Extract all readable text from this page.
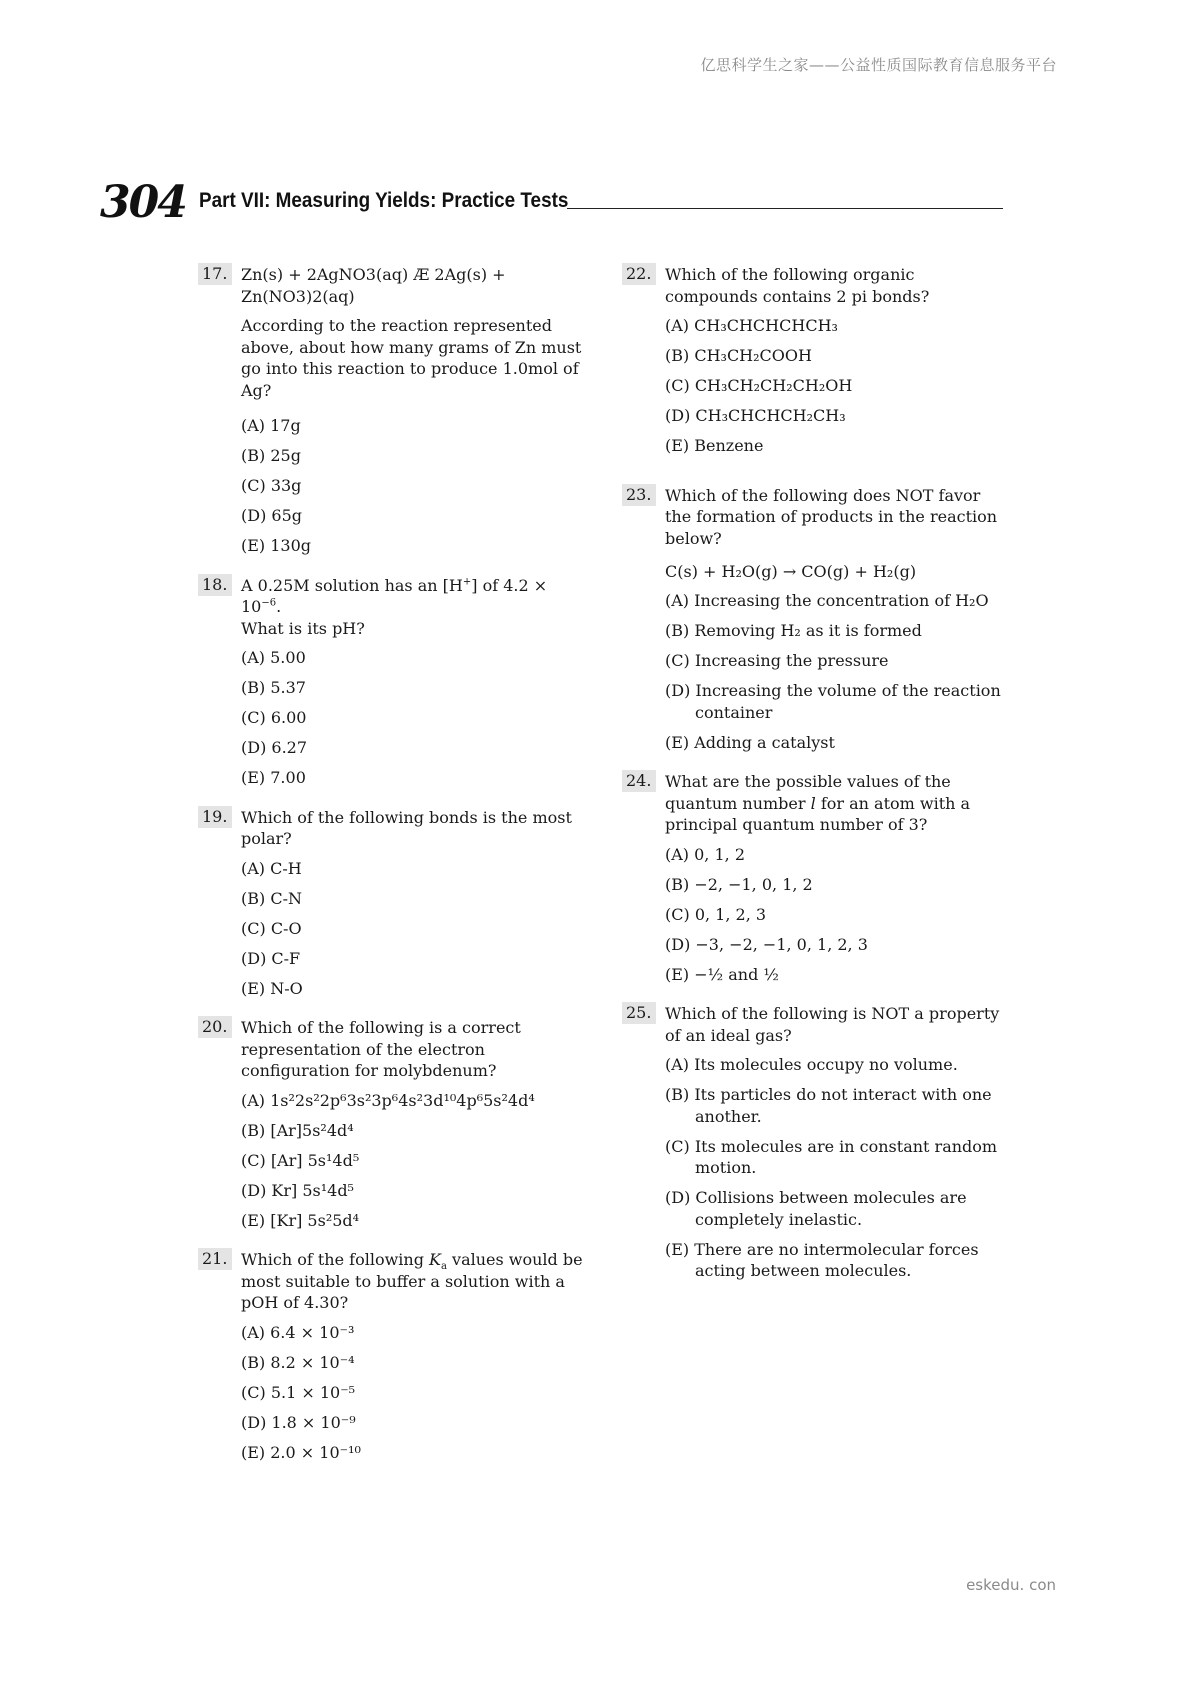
亿思科学生之家——公益性质国际教育信息服务平台
304 Part VII: Measuring Yields: Practice Tests
17. Zn(s) + 2AgNO3(aq) Æ 2Ag(s) +
Zn(NO3)2(aq)
According to the reaction represented above, about how many grams of Zn must go into this reaction to produce 1.0mol of Ag?
(A) 17g
(B) 25g
(C) 33g
(D) 65g
(E) 130g
18. A 0.25M solution has an [H+] of $4.2 \times 10^{-6}$.
What is its pH?
(A) 5.00
(B) 5.37
(C) 6.00
(D) 6.27
(E) 7.00
19. Which of the following bonds is the most polar?
(A) C-H
(B) C-N
(C) C-O
(D) C-F
(E) N-O
20. Which of the following is a correct representation of the electron configuration for molybdenum?
(A) 1s²2s²2p⁶3s²3p⁶4s²3d¹⁰4p⁶5s²4d⁴
(B) [Ar]5s²4d⁴
(C) [Ar] 5s¹4d⁵
(D) Kr] 5s¹4d⁵
(E) [Kr] 5s²5d⁴
21. Which of the following $K_a$ values would be most suitable to buffer a solution with a pOH of 4.30?
(A) 6.4 × 10⁻³
(B) 8.2 × 10⁻⁴
(C) 5.1 × 10⁻⁵
(D) 1.8 × 10⁻⁹
(E) 2.0 × 10⁻¹⁰
22. Which of the following organic compounds contains 2 pi bonds?
(A) CH₃CHCHCHCH₃
(B) CH₃CH₂COOH
(C) CH₃CH₂CH₂CH₂OH
(D) CH₃CHCHCH₂CH₃
(E) Benzene
23. Which of the following does NOT favor the formation of products in the reaction below?
C(s) + H₂O(g) → CO(g) + H₂(g)
(A) Increasing the concentration of H₂O
(B) Removing H₂ as it is formed
(C) Increasing the pressure
(D) Increasing the volume of the reaction container
(E) Adding a catalyst
24. What are the possible values of the quantum number l for an atom with a principal quantum number of 3?
(A) 0, 1, 2
(B) −2, −1, 0, 1, 2
(C) 0, 1, 2, 3
(D) −3, −2, −1, 0, 1, 2, 3
(E) −½ and ½
25. Which of the following is NOT a property of an ideal gas?
(A) Its molecules occupy no volume.
(B) Its particles do not interact with one another.
(C) Its molecules are in constant random motion.
(D) Collisions between molecules are completely inelastic.
(E) There are no intermolecular forces acting between molecules.
eskedu. con
